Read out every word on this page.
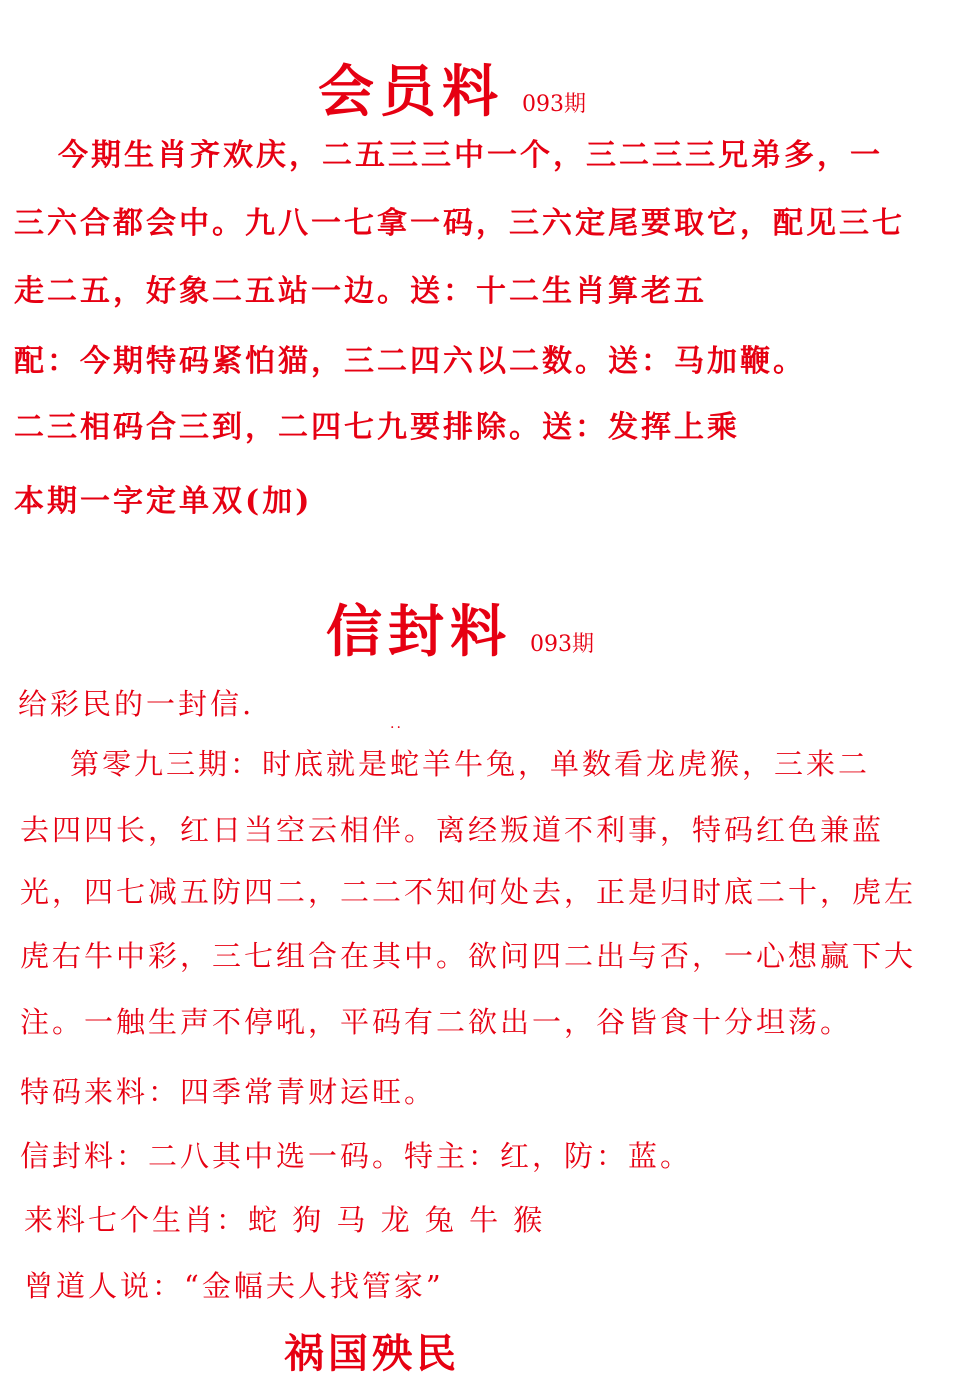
会员料 093期
今期生肖齐欢庆，二五三三中一个，三二三三兄弟多，一
三六合都会中。九八一七拿一码，三六定尾要取它，配见三七
走二五，好象二五站一边。送：十二生肖算老五
配：今期特码紧怕猫，三二四六以二数。送：马加鞭。
二三相码合三到，二四七九要排除。送：发挥上乘
本期一字定单双(加)
信封料 093期
给彩民的一封信.
..
第零九三期：时底就是蛇羊牛兔，单数看龙虎猴，三来二
去四四长，红日当空云相伴。离经叛道不利事，特码红色兼蓝
光，四七减五防四二，二二不知何处去，正是归时底二十，虎左
虎右牛中彩，三七组合在其中。欲问四二出与否，一心想赢下大
注。一触生声不停吼，平码有二欲出一，谷皆食十分坦荡。
特码来料：四季常青财运旺。
信封料：二八其中选一码。特主：红，防：蓝。
来料七个生肖：蛇 狗 马 龙 兔 牛 猴
曾道人说：“金幅夫人找管家”
祸国殃民
